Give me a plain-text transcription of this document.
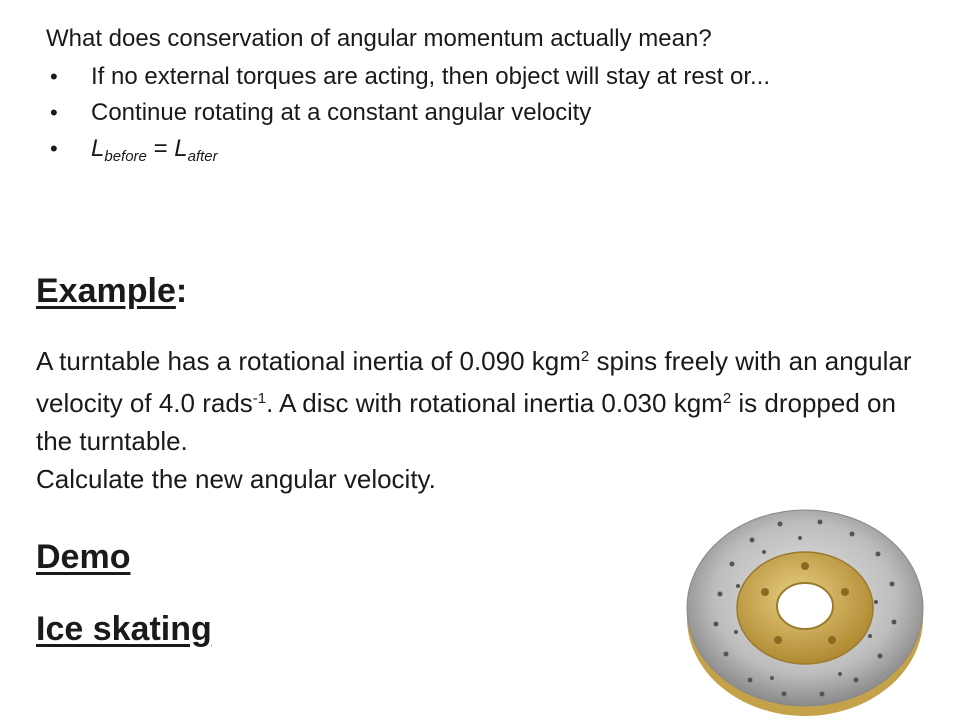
What does conservation of angular momentum actually mean?
• If no external torques are acting, then object will stay at rest or...
• Continue rotating at a constant angular velocity
• $L_{before} = L_{after}$
Example:
A turntable has a rotational inertia of 0.090 kgm$^2$ spins freely with an angular velocity of 4.0 rads$^{-1}$. A disc with rotational inertia 0.030 kgm$^2$ is dropped on the turntable.
Calculate the new angular velocity.
Demo
Ice skating
